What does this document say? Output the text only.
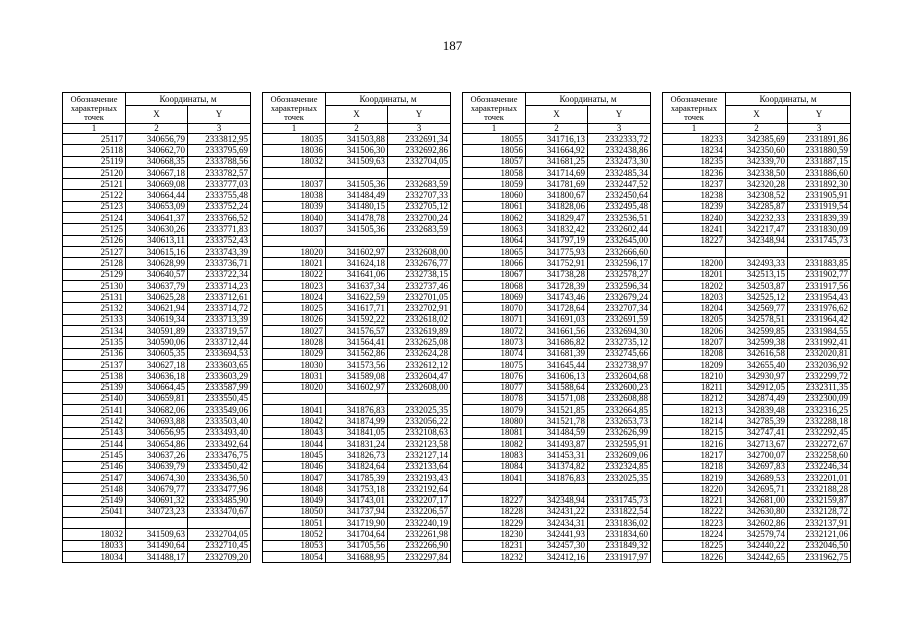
187
Обозначение характерных точек	Координаты, м	
	X	Y
1	2	3
25117	340656,79	2333812,95
25118	340662,70	2333795,69
25119	340668,35	2333788,56
25120	340667,18	2333782,57
25121	340669,08	2333777,03
25122	340664,44	2333755,48
25123	340653,09	2333752,24
25124	340641,37	2333766,52
25125	340630,26	2333771,83
25126	340613,11	2333752,43
25127	340615,16	2333743,39
25128	340628,99	2333736,71
25129	340640,57	2333722,34
25130	340637,79	2333714,23
25131	340625,28	2333712,61
25132	340621,94	2333714,72
25133	340619,34	2333713,39
25134	340591,89	2333719,57
25135	340590,06	2333712,44
25136	340605,35	2333694,53
25137	340627,18	2333603,65
25138	340636,18	2333603,29
25139	340664,45	2333587,99
25140	340659,81	2333550,45
25141	340682,06	2333549,06
25142	340693,88	2333503,40
25143	340656,95	2333493,40
25144	340654,86	2333492,64
25145	340637,26	2333476,75
25146	340639,79	2333450,42
25147	340674,30	2333436,50
25148	340679,77	2333477,96
25149	340691,32	2333485,90
25041	340723,23	2333470,67

18032	341509,63	2332704,05
18033	341490,64	2332710,45
18034	341488,17	2332709,20
Обозначение характерных точек	Координаты, м	
	X	Y
1	2	3
18035	341503,88	2332691,34
18036	341506,30	2332692,86
18032	341509,63	2332704,05

18037	341505,36	2332683,59
18038	341484,49	2332707,33
18039	341480,15	2332705,12
18040	341478,78	2332700,24
18037	341505,36	2332683,59

18020	341602,97	2332608,00
18021	341624,18	2332676,77
18022	341641,06	2332738,15
18023	341637,34	2332737,46
18024	341622,59	2332701,05
18025	341617,71	2332702,91
18026	341592,22	2332618,02
18027	341576,57	2332619,89
18028	341564,41	2332625,08
18029	341562,86	2332624,28
18030	341573,56	2332612,12
18031	341589,08	2332604,47
18020	341602,97	2332608,00

18041	341876,83	2332025,35
18042	341874,99	2332056,22
18043	341841,05	2332108,63
18044	341831,24	2332123,58
18045	341826,73	2332127,14
18046	341824,64	2332133,64
18047	341785,39	2332193,43
18048	341753,18	2332192,64
18049	341743,01	2332207,17
18050	341737,94	2332206,57
18051	341719,90	2332240,19
18052	341704,64	2332261,98
18053	341705,56	2332266,90
18054	341688,95	2332297,84
Обозначение характерных точек	Координаты, м	
	X	Y
1	2	3
18055	341716,13	2332333,72
18056	341664,92	2332438,86
18057	341681,25	2332473,30
18058	341714,69	2332485,34
18059	341781,69	2332447,52
18060	341800,67	2332450,64
18061	341828,06	2332495,48
18062	341829,47	2332536,51
18063	341832,42	2332602,44
18064	341797,19	2332645,00
18065	341775,93	2332666,60
18066	341752,91	2332596,17
18067	341738,28	2332578,27
18068	341728,39	2332596,34
18069	341743,46	2332679,24
18070	341728,64	2332707,34
18071	341691,03	2332691,59
18072	341661,56	2332694,30
18073	341686,82	2332735,12
18074	341681,39	2332745,66
18075	341645,44	2332738,97
18076	341606,13	2332604,68
18077	341588,64	2332600,23
18078	341571,08	2332608,88
18079	341521,85	2332664,85
18080	341521,78	2332653,73
18081	341484,59	2332626,99
18082	341493,87	2332595,91
18083	341453,31	2332609,06
18084	341374,82	2332324,85
18041	341876,83	2332025,35

18227	342348,94	2331745,73
18228	342431,22	2331822,54
18229	342434,31	2331836,02
18230	342441,93	2331834,60
18231	342457,30	2331849,32
18232	342412,16	2331917,97
Обозначение характерных точек	Координаты, м	
	X	Y
1	2	3
18233	342385,69	2331891,86
18234	342350,60	2331880,59
18235	342339,70	2331887,15
18236	342338,50	2331886,60
18237	342320,28	2331892,30
18238	342308,52	2331905,91
18239	342285,87	2331919,54
18240	342232,33	2331839,39
18241	342217,47	2331830,09
18227	342348,94	2331745,73

18200	342493,33	2331883,85
18201	342513,15	2331902,77
18202	342503,87	2331917,56
18203	342525,12	2331954,43
18204	342569,77	2331976,62
18205	342578,51	2331964,42
18206	342599,85	2331984,55
18207	342599,38	2331992,41
18208	342616,58	2332020,81
18209	342655,40	2332036,92
18210	342930,97	2332299,72
18211	342912,05	2332311,35
18212	342874,49	2332300,09
18213	342839,48	2332316,25
18214	342785,39	2332288,18
18215	342747,41	2332292,45
18216	342713,67	2332272,67
18217	342700,07	2332258,60
18218	342697,83	2332246,34
18219	342689,53	2332201,01
18220	342695,71	2332188,28
18221	342681,00	2332159,87
18222	342630,80	2332128,72
18223	342602,86	2332137,91
18224	342579,74	2332121,06
18225	342440,22	2332046,50
18226	342442,65	2331962,75
